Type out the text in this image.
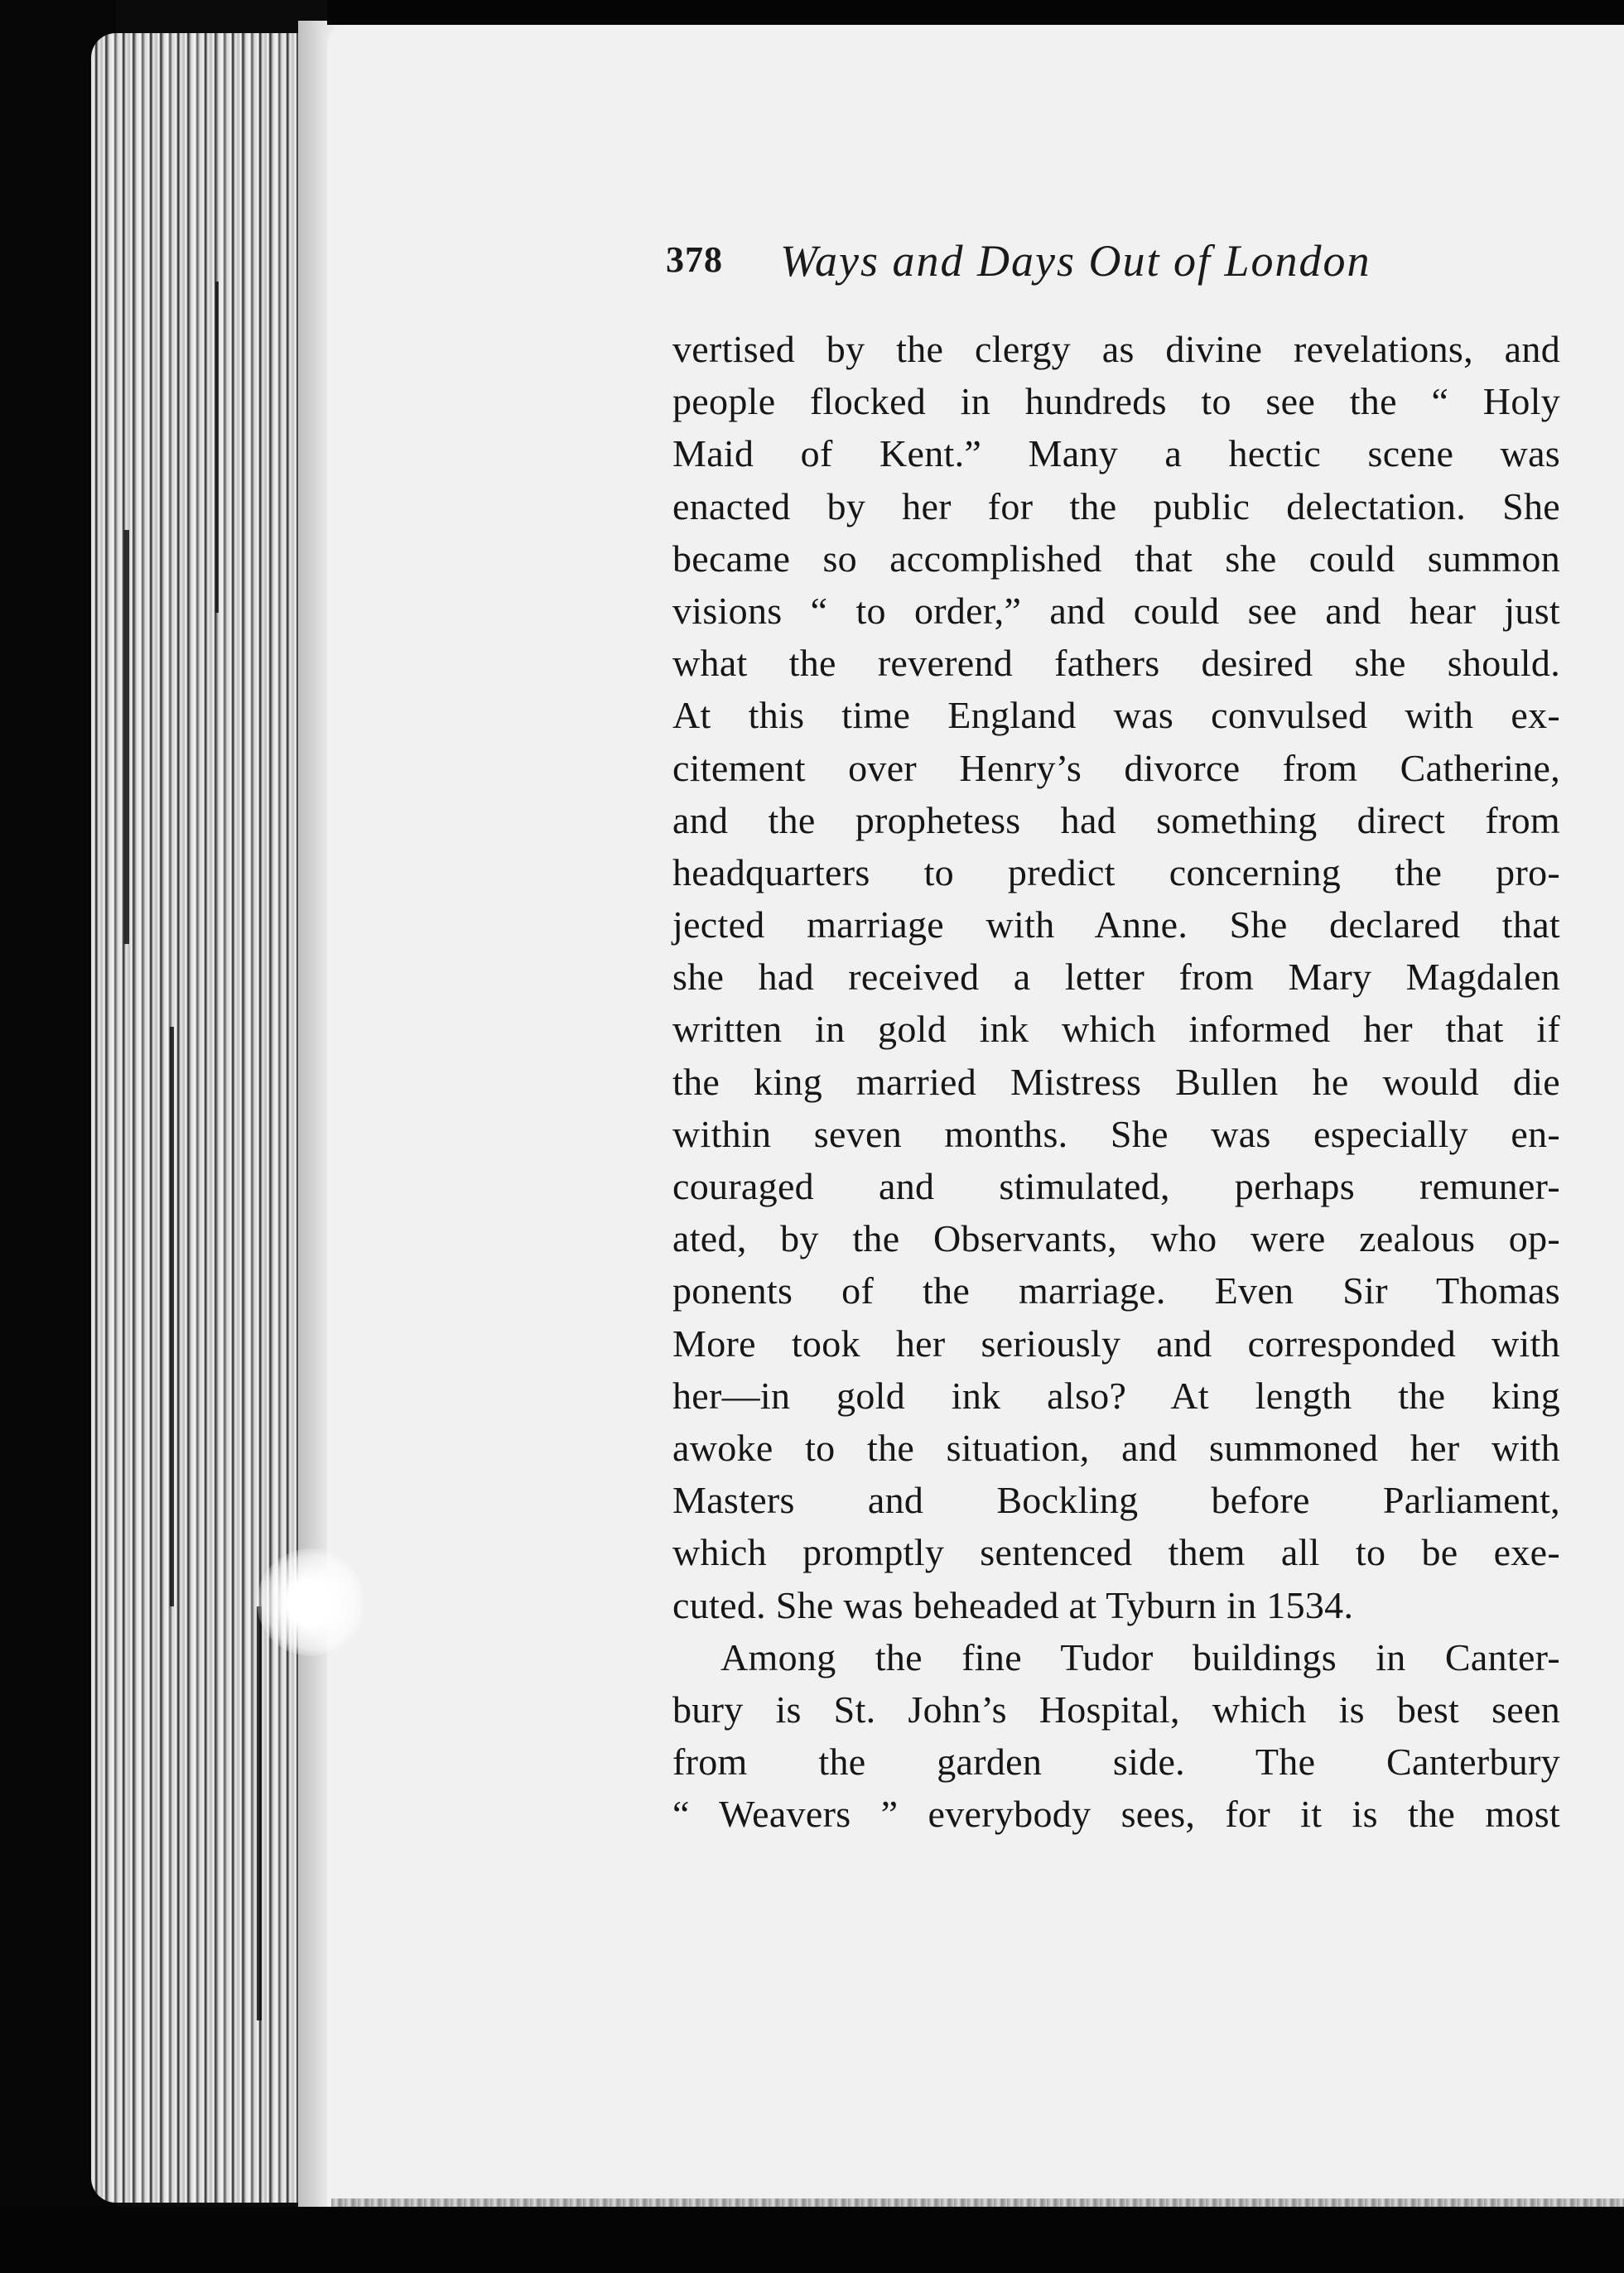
378 Ways and Days Out of London
vertised by the clergy as divine revelations, and
people flocked in hundreds to see the “ Holy
Maid of Kent.” Many a hectic scene was
enacted by her for the public delectation. She
became so accomplished that she could summon
visions “ to order,” and could see and hear just
what the reverend fathers desired she should.
At this time England was convulsed with ex-
citement over Henry’s divorce from Catherine,
and the prophetess had something direct from
headquarters to predict concerning the pro-
jected marriage with Anne. She declared that
she had received a letter from Mary Magdalen
written in gold ink which informed her that if
the king married Mistress Bullen he would die
within seven months. She was especially en-
couraged and stimulated, perhaps remuner-
ated, by the Observants, who were zealous op-
ponents of the marriage. Even Sir Thomas
More took her seriously and corresponded with
her—in gold ink also? At length the king
awoke to the situation, and summoned her with
Masters and Bockling before Parliament,
which promptly sentenced them all to be exe-
cuted. She was beheaded at Tyburn in 1534.
Among the fine Tudor buildings in Canter-
bury is St. John’s Hospital, which is best seen
from the garden side. The Canterbury
“ Weavers ” everybody sees, for it is the most
